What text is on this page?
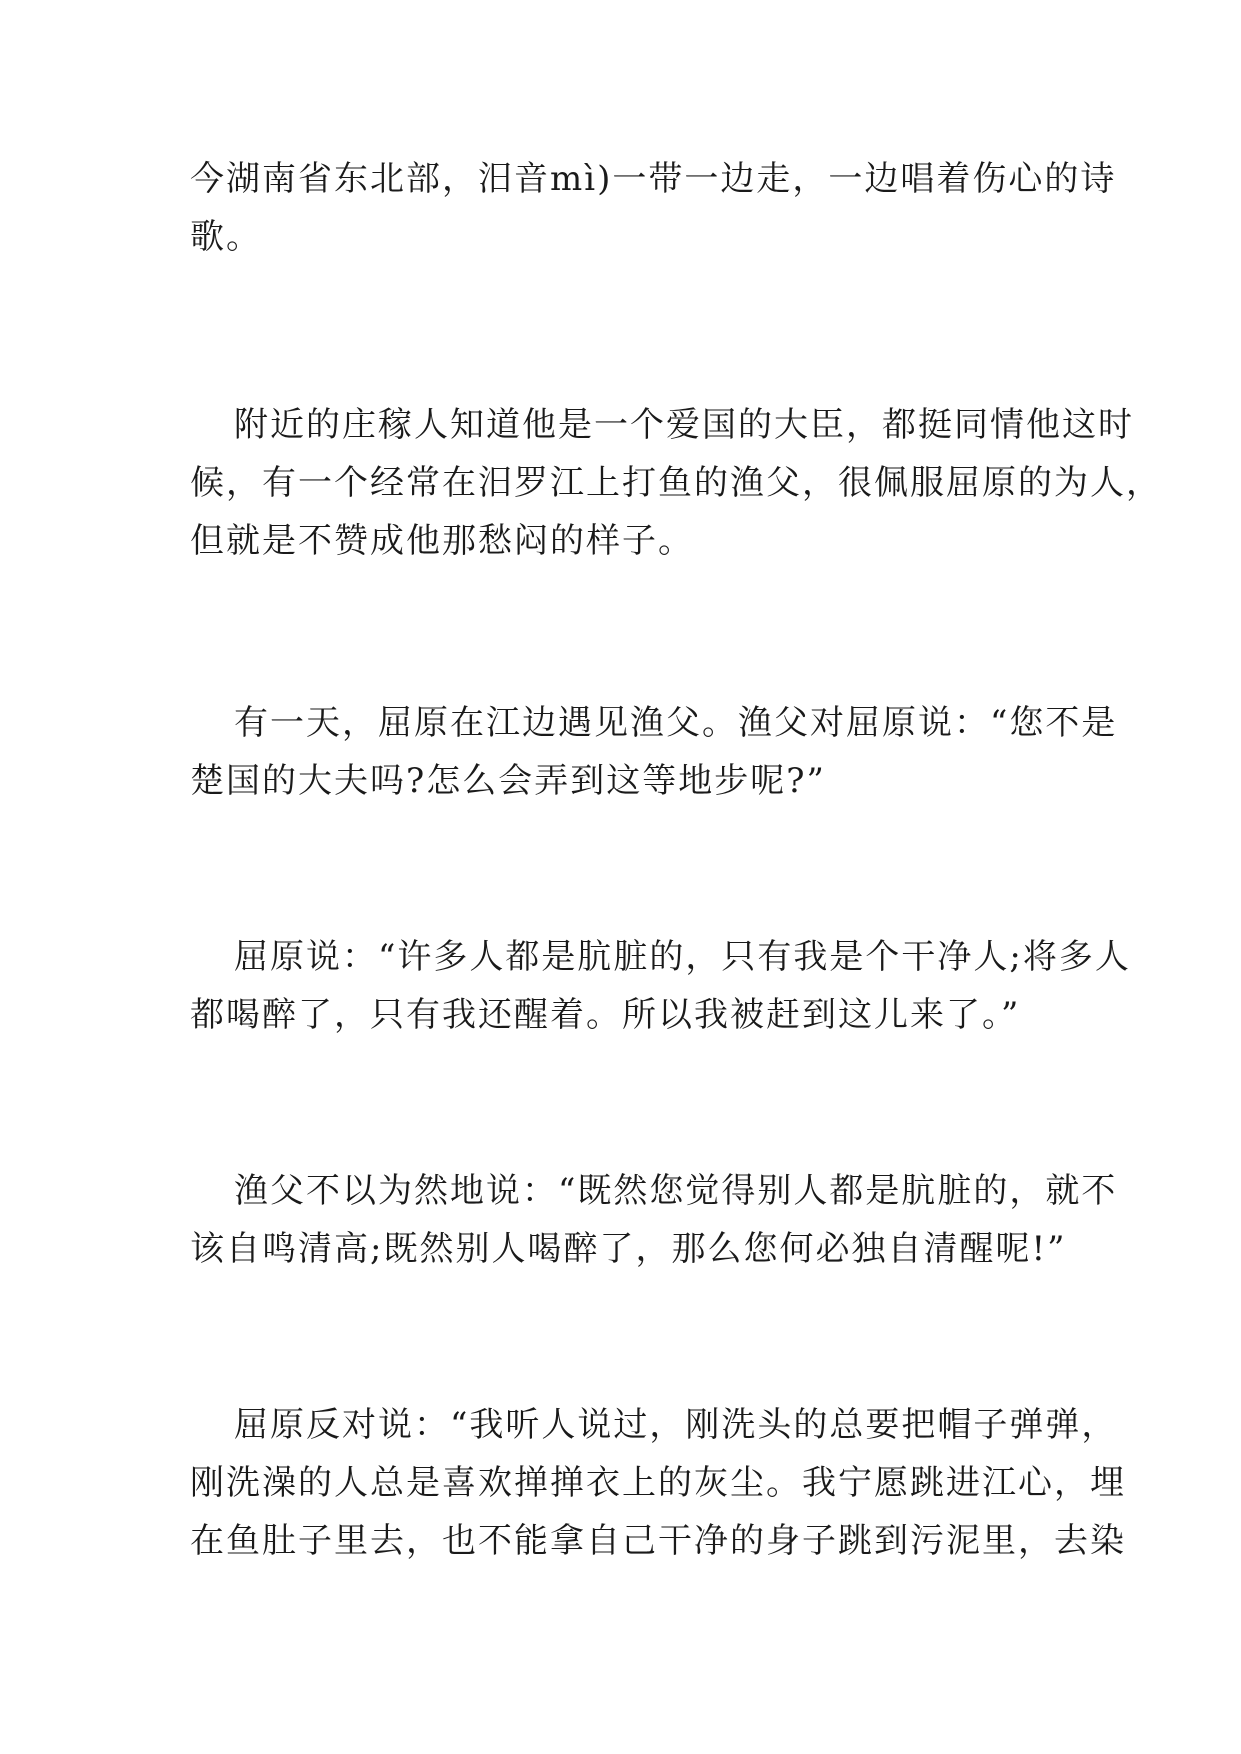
今湖南省东北部，汨音mì)一带一边走，一边唱着伤心的诗
歌。

附近的庄稼人知道他是一个爱国的大臣，都挺同情他这时
候，有一个经常在汨罗江上打鱼的渔父，很佩服屈原的为人，
但就是不赞成他那愁闷的样子。

有一天，屈原在江边遇见渔父。渔父对屈原说：“您不是
楚国的大夫吗?怎么会弄到这等地步呢?”

屈原说：“许多人都是肮脏的，只有我是个干净人;将多人
都喝醉了，只有我还醒着。所以我被赶到这儿来了。”

渔父不以为然地说：“既然您觉得别人都是肮脏的，就不
该自鸣清高;既然别人喝醉了，那么您何必独自清醒呢!”

屈原反对说：“我听人说过，刚洗头的总要把帽子弹弹，
刚洗澡的人总是喜欢掸掸衣上的灰尘。我宁愿跳进江心，埋
在鱼肚子里去，也不能拿自己干净的身子跳到污泥里，去染
